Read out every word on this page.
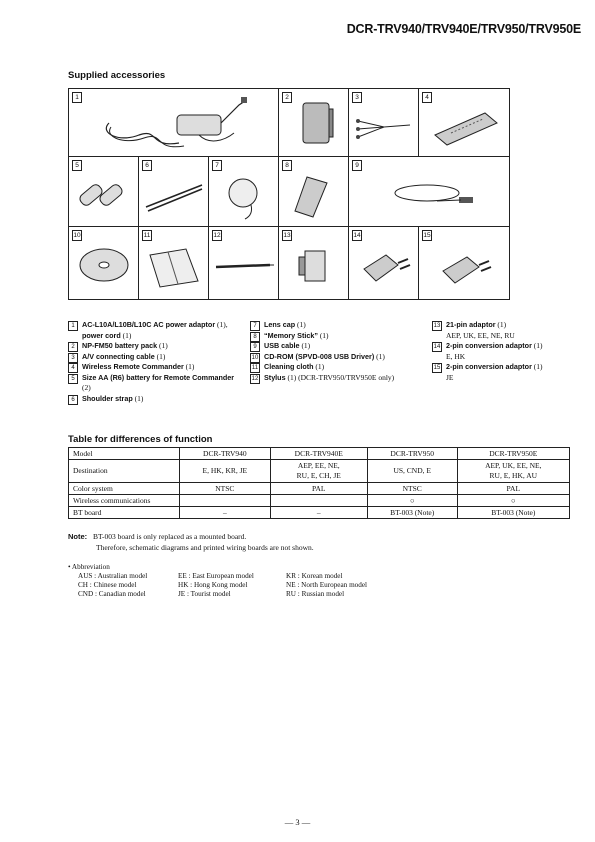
DCR-TRV940/TRV940E/TRV950/TRV950E
Supplied accessories
1	2	3	4
5	6	7	8	9
10	11	12	13	14	15
1	AC-L10A/L10B/L10C AC power adaptor (1), power cord (1)
2	NP-FM50 battery pack (1)
3	A/V connecting cable (1)
4	Wireless Remote Commander (1)
5	Size AA (R6) battery for Remote Commander (2)
6	Shoulder strap (1)
7	Lens cap (1)
8	“Memory Stick” (1)
9	USB cable (1)
10 CD-ROM (SPVD-008 USB Driver) (1)
11 Cleaning cloth (1)
12 Stylus (1) (DCR-TRV950/TRV950E only)
13 21-pin adaptor (1)
AEP, UK, EE, NE, RU
14 2-pin conversion adaptor (1)
E, HK
15 2-pin conversion adaptor (1)
JE
Table for differences of function
Model	DCR-TRV940	DCR-TRV940E	DCR-TRV950	DCR-TRV950E
Destination	E, HK, KR, JE	AEP, EE, NE,
RU, E, CH, JE	US, CND, E	AEP, UK, EE, NE,
RU, E, HK, AU
Color system	NTSC	PAL	NTSC	PAL
Wireless communications			○	○
BT board	–	–	BT-003 (Note)	BT-003 (Note)
Note: BT-003 board is only replaced as a mounted board.
Therefore, schematic diagrams and printed wiring boards are not shown.
• Abbreviation
AUS : Australian model
CH : Chinese model
CND : Canadian model
EE : East European model
HK : Hong Kong model
JE : Tourist model
KR : Korean model
NE : North European model
RU : Russian model
— 3 —
